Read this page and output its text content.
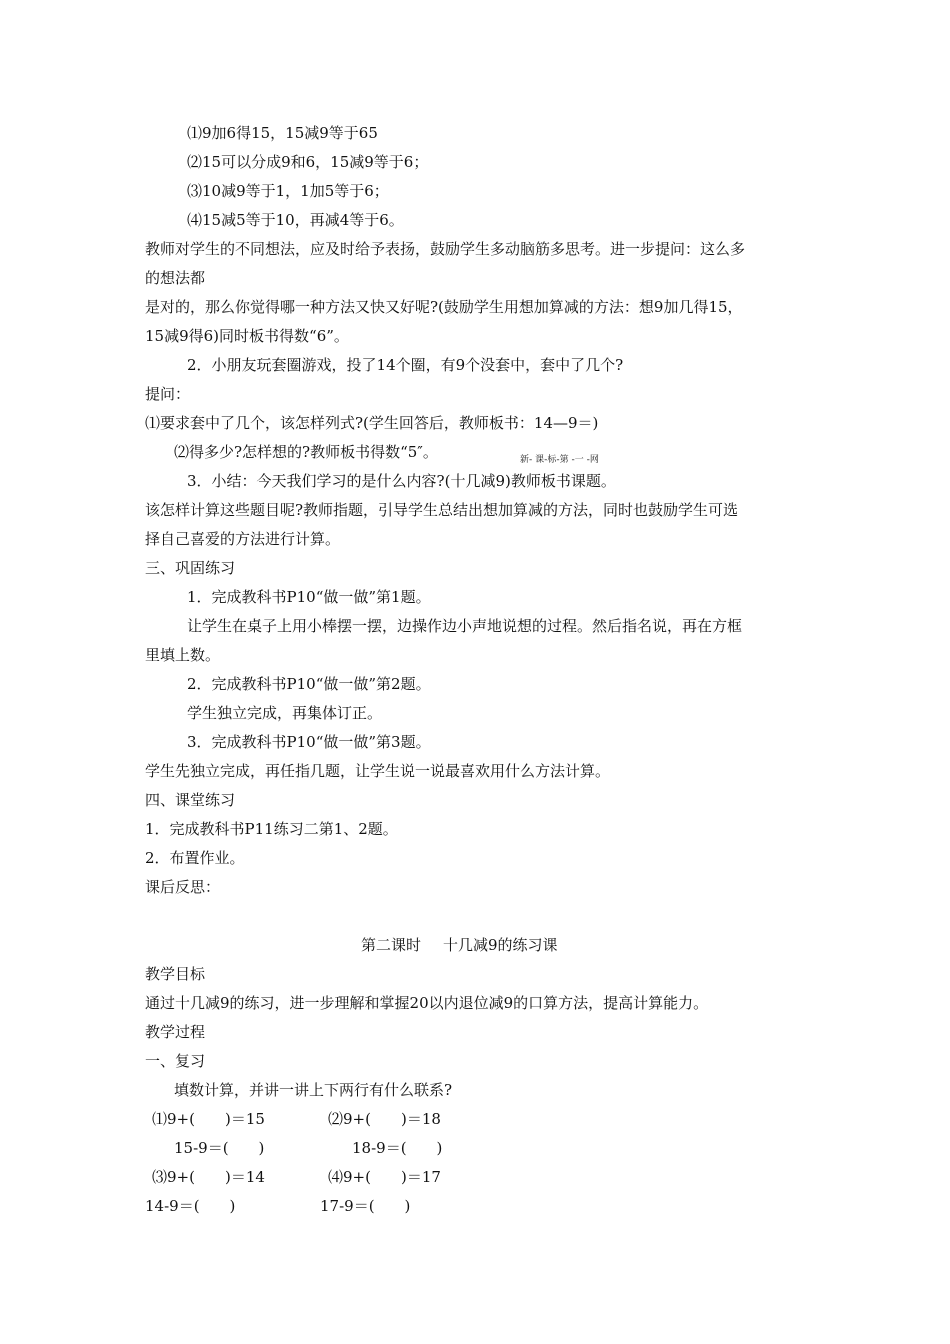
⑴9加6得15，15减9等于65
⑵15可以分成9和6，15减9等于6；
⑶10减9等于1，1加5等于6；
⑷15减5等于10，再减4等于6。
教师对学生的不同想法，应及时给予表扬，鼓励学生多动脑筋多思考。进一步提问：这么多
的想法都
是对的，那么你觉得哪一种方法又快又好呢?(鼓励学生用想加算减的方法：想9加几得15，
15减9得6)同时板书得数“6”。
2．小朋友玩套圈游戏，投了14个圈，有9个没套中，套中了几个?
提问：
⑴要求套中了几个，该怎样列式?(学生回答后，教师板书：14—9＝)
⑵得多少?怎样想的?教师板书得数“5″。	新- 课-标-第 -一 -网
3．小结：今天我们学习的是什么内容?(十几减9)教师板书课题。
该怎样计算这些题目呢?教师指题，引导学生总结出想加算减的方法，同时也鼓励学生可选
择自己喜爱的方法进行计算。
三、巩固练习
1．完成教科书P10“做一做”第1题。
让学生在桌子上用小棒摆一摆，边操作边小声地说想的过程。然后指名说，再在方框
里填上数。
2．完成教科书P10“做一做”第2题。
学生独立完成，再集体订正。
3．完成教科书P10“做一做”第3题。
学生先独立完成，再任指几题，让学生说一说最喜欢用什么方法计算。
四、课堂练习
1．完成教科书P11练习二第1、2题。
2．布置作业。
课后反思：
第二课时 十几减9的练习课
教学目标
通过十几减9的练习，进一步理解和掌握20以内退位减9的口算方法，提高计算能力。
教学过程
一、复习
填数计算，并讲一讲上下两行有什么联系?
⑴9+(　　)＝15	⑵9+(　　)＝18
15-9＝(　　)	18-9＝(　　)
⑶9+(　　)＝14	⑷9+(　　)＝17
14-9＝(　　)	17-9＝(　　)
